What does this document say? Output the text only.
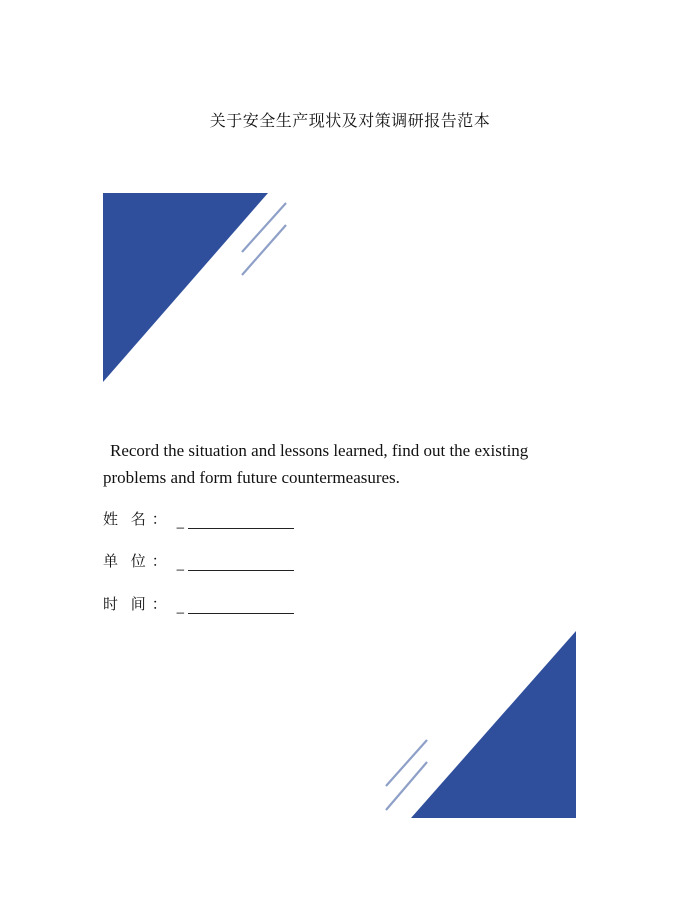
关于安全生产现状及对策调研报告范本
Record the situation and lessons learned, find out the existing
problems and form future countermeasures.
姓 名 ： _
单 位 ： _
时 间 ： _
